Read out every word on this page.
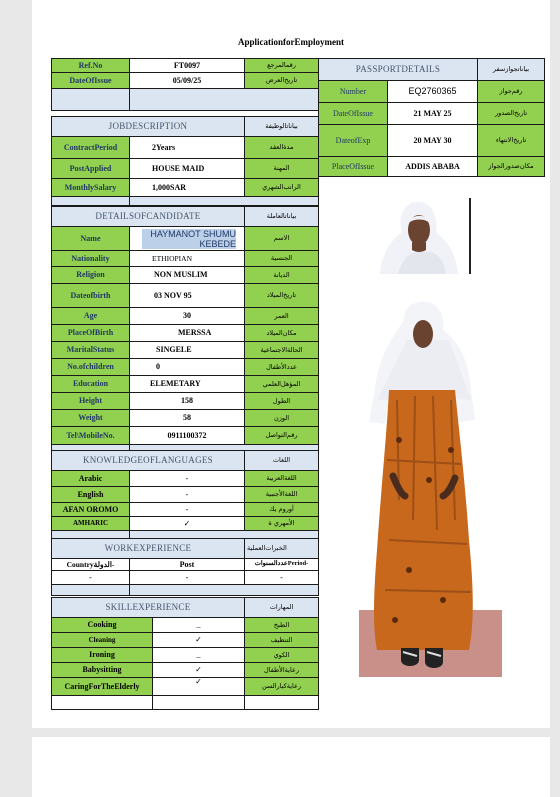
ApplicationforEmployment
Ref.No	FT0097	رقمالمرجع
DateOfIssue	05/09/25	تاريخ‌العرض

JOBDESCRIPTION		بياناتالوظيفة
ContractPeriod	2Years	مدةالعقد
PostApplied	HOUSE MAID	المهنة
MonthlySalary	1,000SAR	الراتب‌الشهري

PASSPORTDETAILS		بياناتجوازسفر
Number	EQ2760365	رقم‌جواز
DateOfIssue	21 MAY 25	تاريخ‌الصدور
DateofExp	20 MAY 30	تاريخ‌الانتهاء
PlaceOfIssue	ADDIS ABABA	مكان‌صدورالجواز
DETAILSOFCANDIDATE		بياناتالعاملة
Name	HAYMANOT SHUMU KEBEDE	الاسم
Nationality	ETHIOPIAN	الجنسية
Religion	NON MUSLIM	الديانة
Dateofbirth	03 NOV 95	تاريخ‌الميلاد
Age	30	العمر
PlaceOfBirth	MERSSA	مكان‌الميلاد
MaritalStatus	SINGELE	الحالةالاجتماعية
No.ofchildren	0	عددالأطفال
Education	ELEMETARY	المؤهل‌العلمي
Height	158	الطول
Weight	58	الوزن
Tel\MobileNo.	0911100372	رقم‌التواصل

KNOWLEDGEOFLANGUAGES		اللغات
Arabic	-	اللغةالعربية
English	-	اللغةالأجنبية
AFAN OROMO	-	أوروم يك
AMHARIC	✓	الأمهري ة

WORKEXPERIENCE		الخبرات‌العملية
Countryالدولة-	Post	عددالسنوات‌Period-
-	-	-

SKILLEXPERIENCE		المهارات
Cooking	_	الطبخ
Cleaning	✓	التنظيف
Ironing	_	الكوي
Babysitting	✓	رعاية‌الأطفال
CaringForTheElderly	✓	رعاية‌كبار‌السن
